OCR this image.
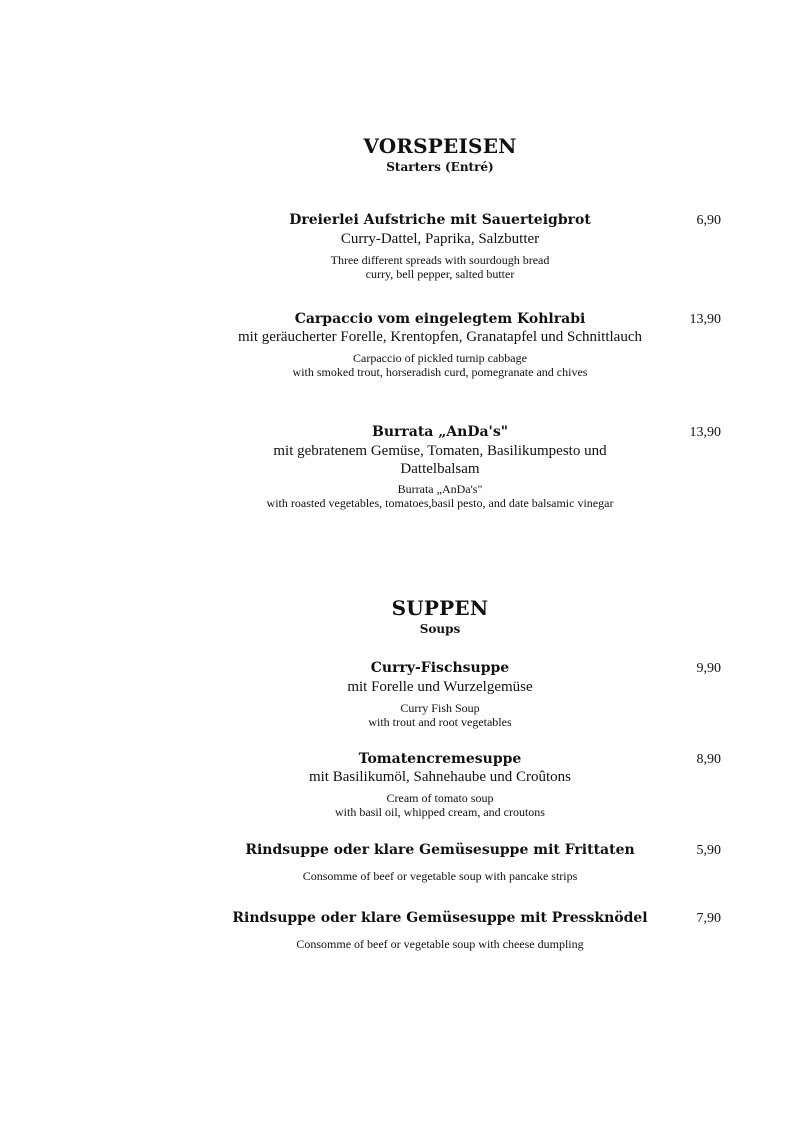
VORSPEISEN
Starters (Entré)
Dreierlei Aufstriche mit Sauerteigbrot	6,90
Curry-Dattel, Paprika, Salzbutter
Three different spreads with sourdough bread
curry, bell pepper, salted butter
Carpaccio vom eingelegtem Kohlrabi	13,90
mit geräucherter Forelle, Krentopfen, Granatapfel und Schnittlauch
Carpaccio of pickled turnip cabbage
with smoked trout, horseradish curd, pomegranate and chives
Burrata „AnDa's"	13,90
mit gebratenem Gemüse, Tomaten, Basilikumpesto und
Dattelbalsam
Burrata „AnDa's"
with roasted vegetables, tomatoes,basil pesto, and date balsamic vinegar
SUPPEN
Soups
Curry-Fischsuppe	9,90
mit Forelle und Wurzelgemüse
Curry Fish Soup
with trout and root vegetables
Tomatencremesuppe	8,90
mit Basilikumöl, Sahnehaube und Croûtons
Cream of tomato soup
with basil oil, whipped cream, and croutons
Rindsuppe oder klare Gemüsesuppe mit Frittaten	5,90
Consomme of beef or vegetable soup with pancake strips
Rindsuppe oder klare Gemüsesuppe mit Pressknödel	7,90
Consomme of beef or vegetable soup with cheese dumpling
